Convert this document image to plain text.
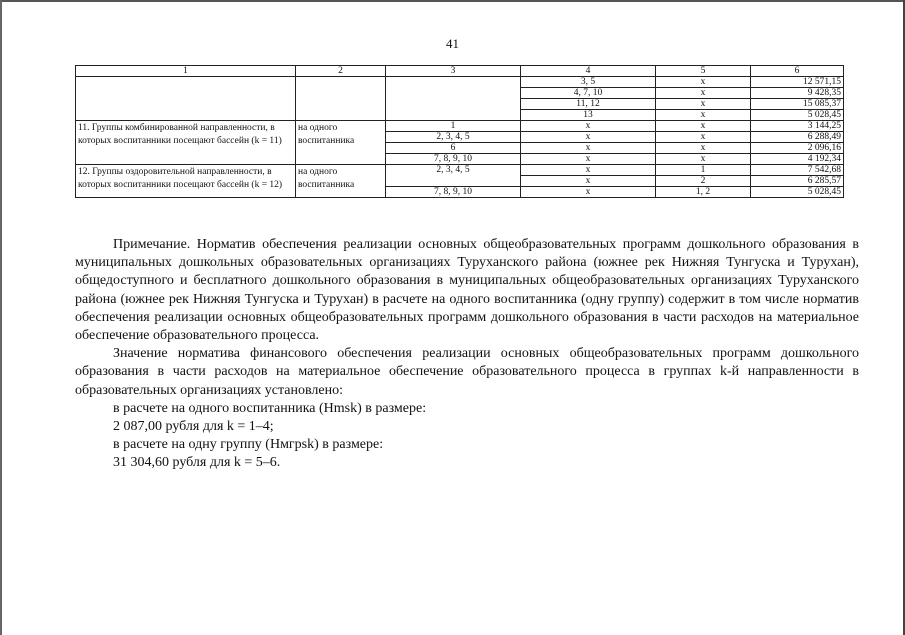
41
1	2	3	4	5	6
			3, 5	x	12 571,15
			4, 7, 10	x	9 428,35
			11, 12	x	15 085,37
			13	x	5 028,45
11. Группы комбинированной направленности, в которых воспитанники посещают бассейн (k = 11)	на одного воспитанника	1	x	x	3 144,25
		2, 3, 4, 5	x	x	6 288,49
		6	x	x	2 096,16
		7, 8, 9, 10	x	x	4 192,34
12. Группы оздоровительной направленности, в которых воспитанники посещают бассейн (k = 12)	на одного воспитанника	2, 3, 4, 5	x	1	7 542,68
			x	2	6 285,57
		7, 8, 9, 10	x	1, 2	5 028,45

Примечание. Норматив обеспечения реализации основных общеобразовательных программ дошкольного образования в муниципальных дошкольных образовательных организациях Туруханского района (южнее рек Нижняя Тунгуска и Турухан), общедоступного и бесплатного дошкольного образования в муниципальных общеобразовательных организациях Туруханского района (южнее рек Нижняя Тунгуска и Турухан) в расчете на одного воспитанника (одну группу) содержит в том числе норматив обеспечения реализации основных общеобразовательных программ дошкольного образования в части расходов на материальное обеспечение образовательного процесса.

Значение норматива финансового обеспечения реализации основных общеобразовательных программ дошкольного образования в части расходов на материальное обеспечение образовательного процесса в группах k-й направленности в образовательных организациях установлено:

в расчете на одного воспитанника (Hmsk) в размере:

2 087,00 рубля для k = 1–4;

в расчете на одну группу (Hмгpsk) в размере:

31 304,60 рубля для k = 5–6.
